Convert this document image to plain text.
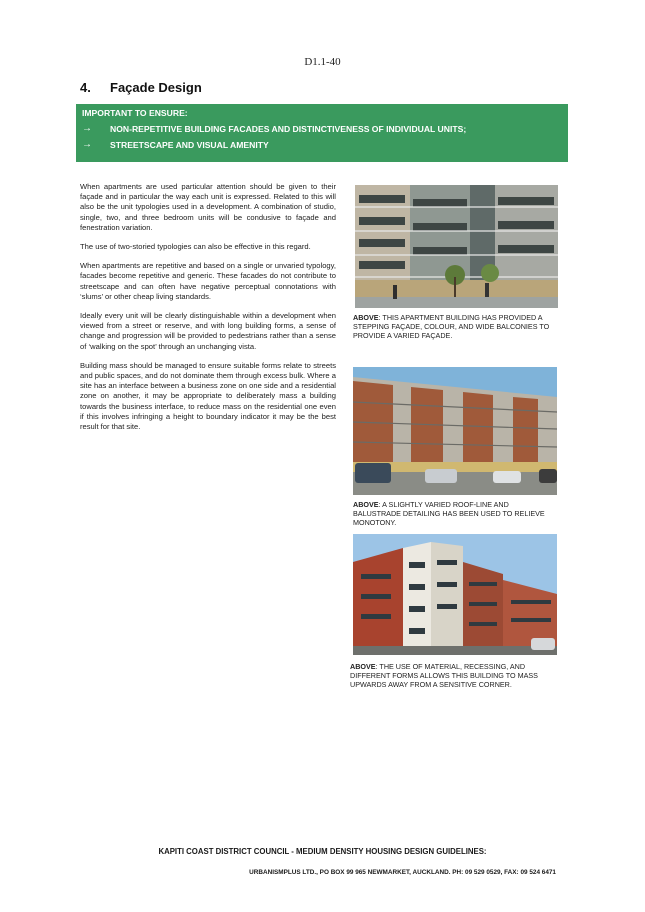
D1.1-40
4. Façade Design
IMPORTANT TO ENSURE:
→	NON-REPETITIVE BUILDING FACADES AND DISTINCTIVENESS OF INDIVIDUAL UNITS;
→	STREETSCAPE AND VISUAL AMENITY

When apartments are used particular attention should be given to their façade and in particular the way each unit is expressed. Related to this will also be the unit typologies used in a development. A combination of studio, single, two, and three bedroom units will be condusive to façade and fenestration variation.

The use of two-storied typologies can also be effective in this regard.

When apartments are repetitive and based on a single or unvaried typology, facades become repetitive and generic. These facades do not contribute to streetscape and can often have negative perceptual connotations with ‘slums’ or other cheap living standards.

Ideally every unit will be clearly distinguishable within a development when viewed from a street or reserve, and with long building forms, a sense of change and progression will be provided to pedestrians rather than a sense of ‘walking on the spot’ through an unchanging vista.

Building mass should be managed to ensure suitable forms relate to streets and public spaces, and do not dominate them through excess bulk. Where a site has an interface between a business zone on one side and a residential zone on another, it may be appropriate to deliberately mass a building towards the business interface, to reduce mass on the residential one even if this involves infringing a height to boundary indicator it may be the best result for that site.

ABOVE: THIS APARTMENT BUILDING HAS PROVIDED A STEPPING FAÇADE, COLOUR, AND WIDE BALCONIES TO PROVIDE A VARIED FAÇADE.
ABOVE: A SLIGHTLY VARIED ROOF-LINE AND BALUSTRADE DETAILING HAS BEEN USED TO RELIEVE MONOTONY.
ABOVE: THE USE OF MATERIAL, RECESSING, AND DIFFERENT FORMS ALLOWS THIS BUILDING TO MASS UPWARDS AWAY FROM A SENSITIVE CORNER.
KAPITI COAST DISTRICT COUNCIL - MEDIUM DENSITY HOUSING DESIGN GUIDELINES:
URBANISMPLUS LTD., PO BOX 99 965 NEWMARKET, AUCKLAND. PH: 09 529 0529, FAX: 09 524 6471
